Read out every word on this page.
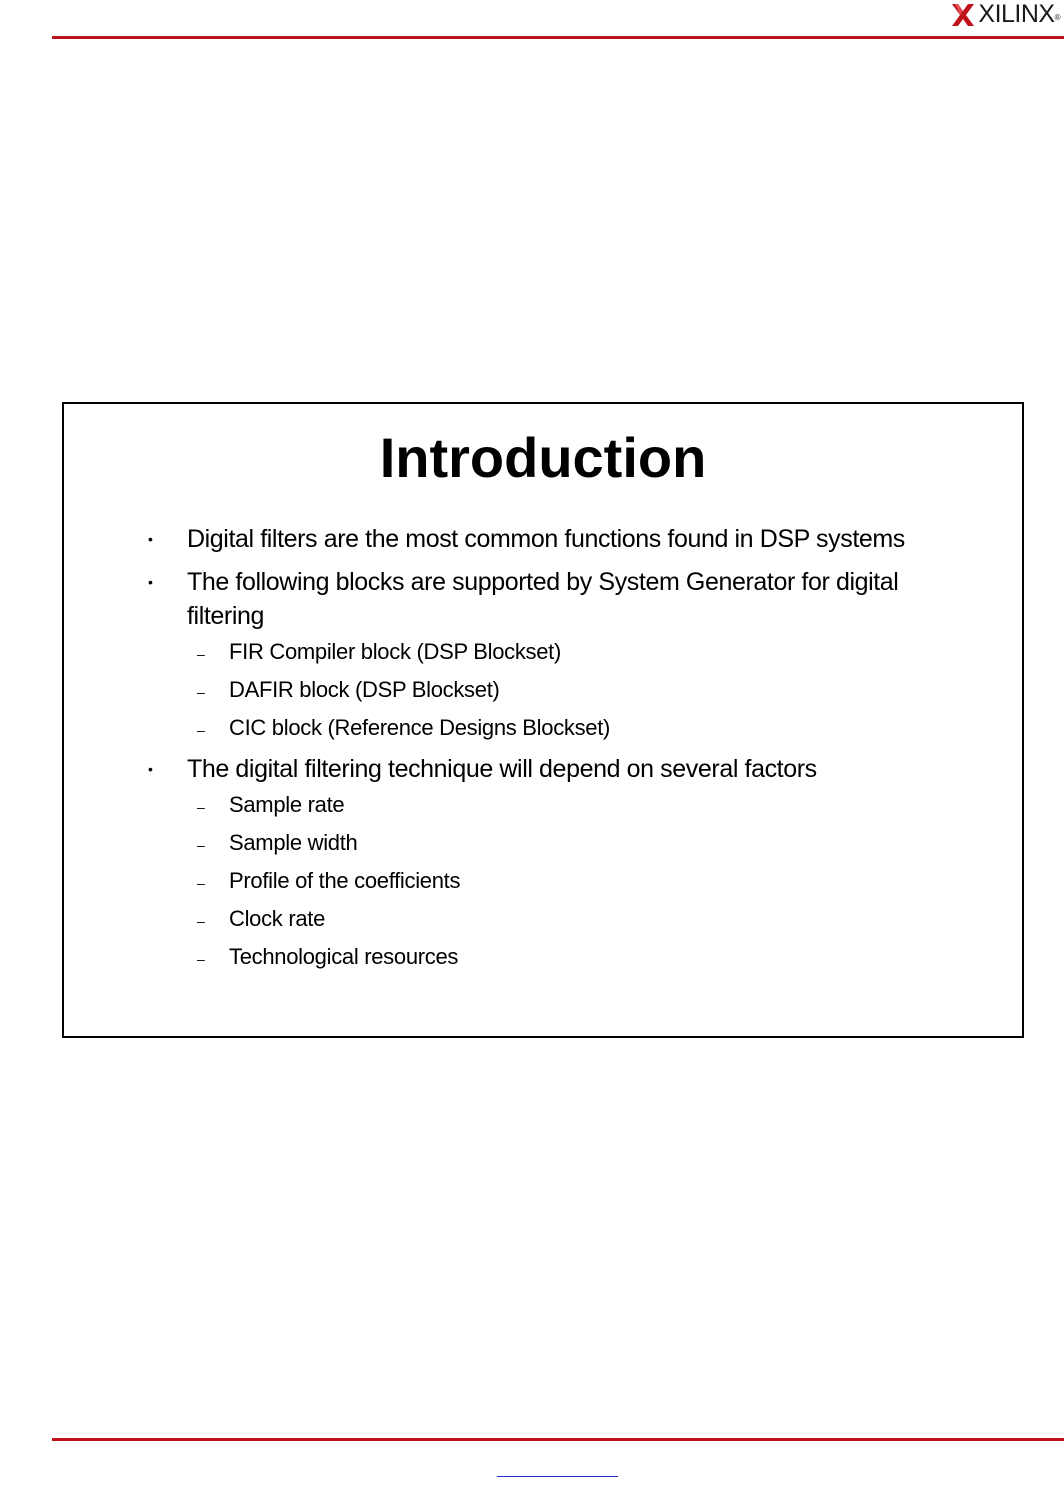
XILINX®
Introduction
• Digital filters are the most common functions found in DSP systems
• The following blocks are supported by System Generator for digital filtering
– FIR Compiler block (DSP Blockset)
– DAFIR block (DSP Blockset)
– CIC block (Reference Designs Blockset)
• The digital filtering technique will depend on several factors
– Sample rate
– Sample width
– Profile of the coefficients
– Clock rate
– Technological resources
